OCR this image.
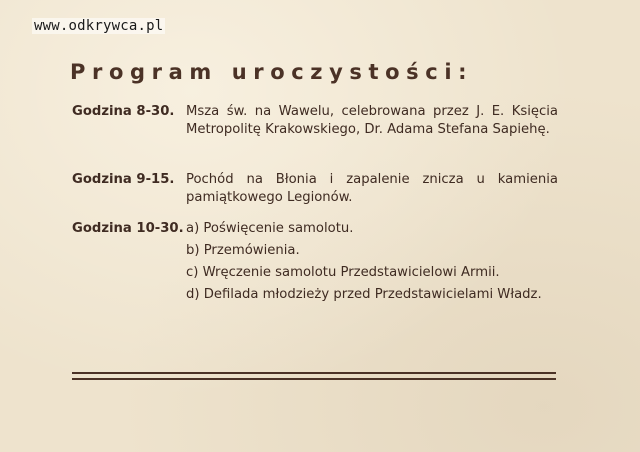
www.odkrywca.pl
Program uroczystości:
Godzina 8-30. Msza św. na Wawelu, celebrowana przez J. E. Księcia Metropolitę Krakowskiego, Dr. Adama Stefana Sapiehę.
Godzina 9-15. Pochód na Błonia i zapalenie znicza u kamienia pamiątkowego Legionów.
Godzina 10-30. a) Poświęcenie samolotu.
b) Przemówienia.
c) Wręczenie samolotu Przedstawicielowi Armii.
d) Defilada młodzieży przed Przedstawicielami Władz.
